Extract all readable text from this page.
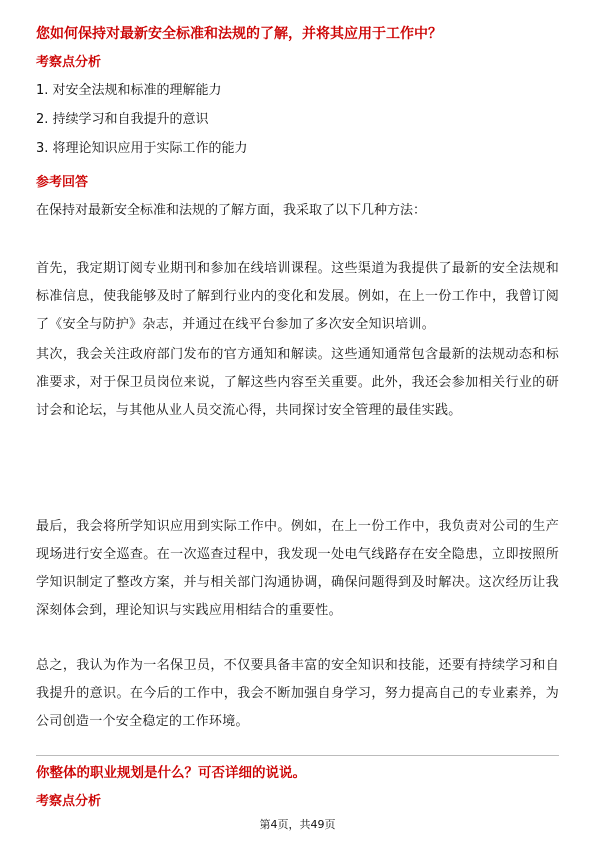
您如何保持对最新安全标准和法规的了解，并将其应用于工作中？
考察点分析
1. 对安全法规和标准的理解能力
2. 持续学习和自我提升的意识
3. 将理论知识应用于实际工作的能力
参考回答
在保持对最新安全标准和法规的了解方面，我采取了以下几种方法：
首先，我定期订阅专业期刊和参加在线培训课程。这些渠道为我提供了最新的安全法规和标准信息，使我能够及时了解到行业内的变化和发展。例如，在上一份工作中，我曾订阅了《安全与防护》杂志，并通过在线平台参加了多次安全知识培训。
其次，我会关注政府部门发布的官方通知和解读。这些通知通常包含最新的法规动态和标准要求，对于保卫员岗位来说，了解这些内容至关重要。此外，我还会参加相关行业的研讨会和论坛，与其他从业人员交流心得，共同探讨安全管理的最佳实践。
最后，我会将所学知识应用到实际工作中。例如，在上一份工作中，我负责对公司的生产现场进行安全巡查。在一次巡查过程中，我发现一处电气线路存在安全隐患，立即按照所学知识制定了整改方案，并与相关部门沟通协调，确保问题得到及时解决。这次经历让我深刻体会到，理论知识与实践应用相结合的重要性。
总之，我认为作为一名保卫员，不仅要具备丰富的安全知识和技能，还要有持续学习和自我提升的意识。在今后的工作中，我会不断加强自身学习，努力提高自己的专业素养，为公司创造一个安全稳定的工作环境。
你整体的职业规划是什么？可否详细的说说。
考察点分析
第4页，共49页
